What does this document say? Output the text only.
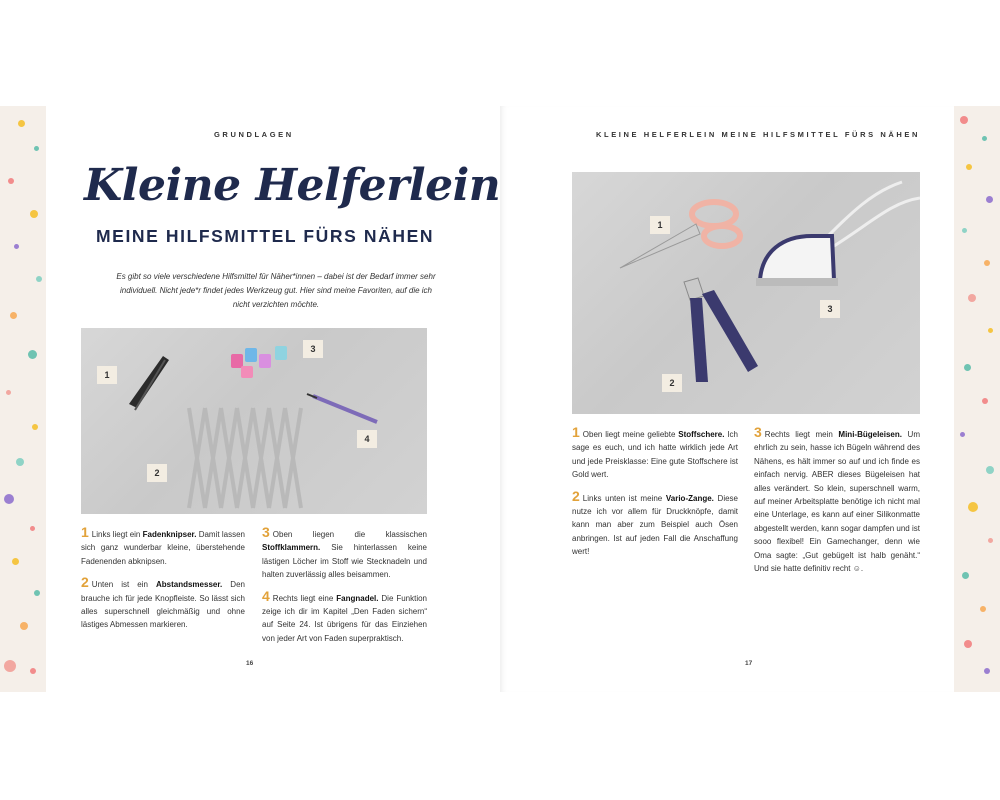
GRUNDLAGEN
Kleine Helferlein
MEINE HILFSMITTEL FÜRS NÄHEN
Es gibt so viele verschiedene Hilfsmittel für Näher*innen – dabei ist der Bedarf immer sehr individuell. Nicht jede*r findet jedes Werkzeug gut. Hier sind meine Favoriten, auf die ich nicht verzichten möchte.
1
2
3
4

1 Links liegt ein Fadenknipser. Damit lassen sich ganz wunderbar kleine, überstehende Fadenenden abknipsen.

2 Unten ist ein Abstandsmesser. Den brauche ich für jede Knopfleiste. So lässt sich alles superschnell gleichmäßig und ohne lästiges Abmessen markieren.

3 Oben liegen die klassischen Stoffklammern. Sie hinterlassen keine lästigen Löcher im Stoff wie Stecknadeln und halten zuverlässig alles beisammen.

4 Rechts liegt eine Fangnadel. Die Funktion zeige ich dir im Kapitel „Den Faden sichern“ auf Seite 24. Ist übrigens für das Einziehen von jeder Art von Faden superpraktisch.

16
KLEINE HELFERLEIN MEINE HILFSMITTEL FÜRS NÄHEN
1
2
3

1 Oben liegt meine geliebte Stoffschere. Ich sage es euch, und ich hatte wirklich jede Art und jede Preisklasse: Eine gute Stoffschere ist Gold wert.

2 Links unten ist meine Vario-Zange. Diese nutze ich vor allem für Druckknöpfe, damit kann man aber zum Beispiel auch Ösen anbringen. Ist auf jeden Fall die Anschaffung wert!

3 Rechts liegt mein Mini-Bügeleisen. Um ehrlich zu sein, hasse ich Bügeln während des Nähens, es hält immer so auf und ich finde es einfach nervig. ABER dieses Bügeleisen hat alles verändert. So klein, superschnell warm, auf meiner Arbeitsplatte benötige ich nicht mal eine Unterlage, es kann auf einer Silikonmatte abgestellt werden, kann sogar dampfen und ist sooo flexibel! Ein Gamechanger, denn wie Oma sagte: „Gut gebügelt ist halb genäht.“ Und sie hatte definitiv recht ☺.

17
